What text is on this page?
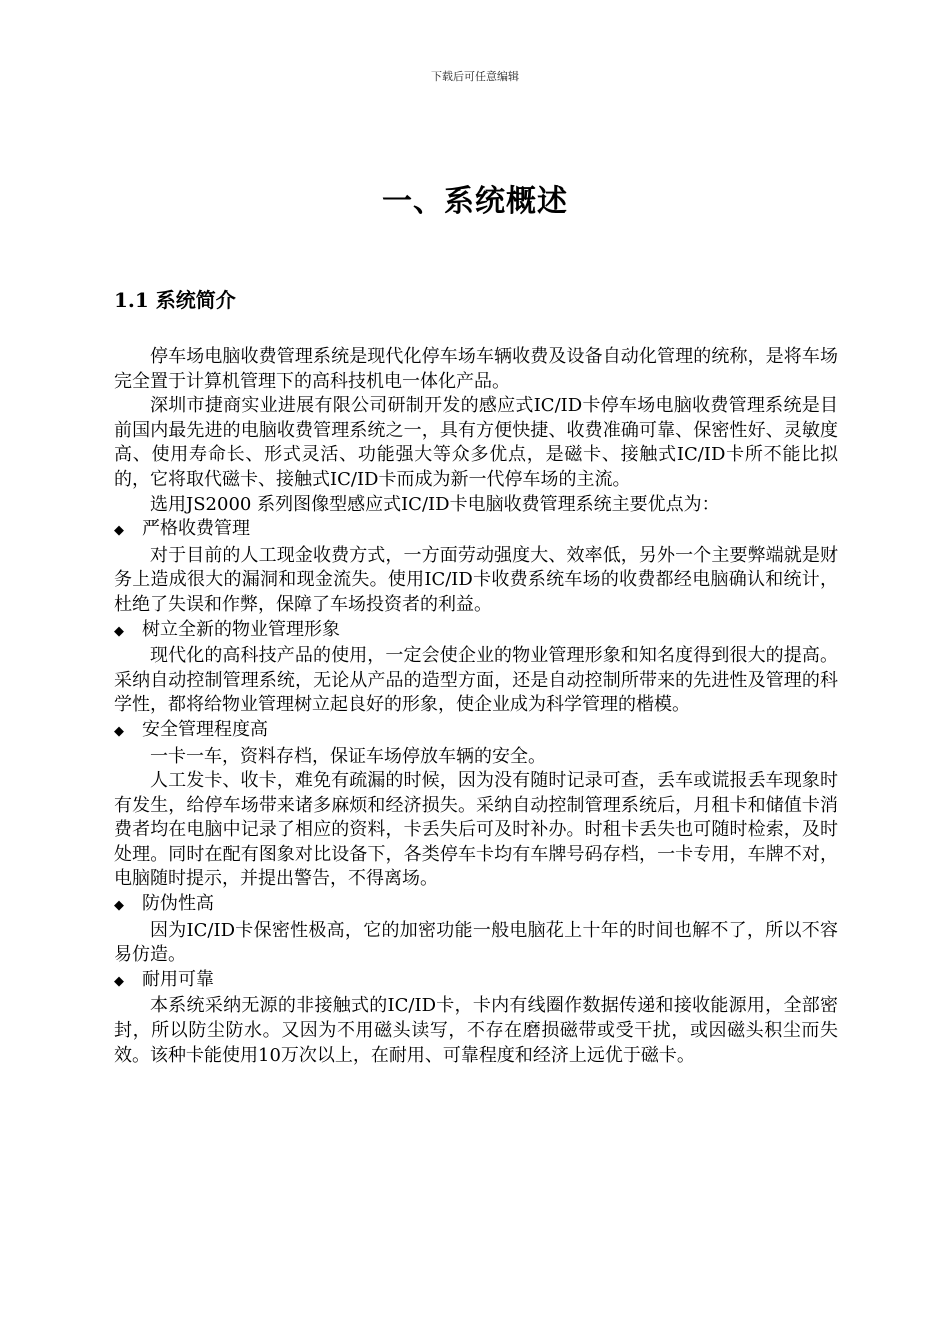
下载后可任意编辑
一、系统概述
1.1 系统简介

停车场电脑收费管理系统是现代化停车场车辆收费及设备自动化管理的统称，是将车场完全置于计算机管理下的高科技机电一体化产品。

深圳市捷商实业进展有限公司研制开发的感应式IC/ID卡停车场电脑收费管理系统是目前国内最先进的电脑收费管理系统之一，具有方便快捷、收费准确可靠、保密性好、灵敏度高、使用寿命长、形式灵活、功能强大等众多优点，是磁卡、接触式IC/ID卡所不能比拟的，它将取代磁卡、接触式IC/ID卡而成为新一代停车场的主流。

选用JS2000 系列图像型感应式IC/ID卡电脑收费管理系统主要优点为：

◆	严格收费管理

对于目前的人工现金收费方式，一方面劳动强度大、效率低，另外一个主要弊端就是财务上造成很大的漏洞和现金流失。使用IC/ID卡收费系统车场的收费都经电脑确认和统计，杜绝了失误和作弊，保障了车场投资者的利益。

◆	树立全新的物业管理形象

现代化的高科技产品的使用，一定会使企业的物业管理形象和知名度得到很大的提高。采纳自动控制管理系统，无论从产品的造型方面，还是自动控制所带来的先进性及管理的科学性，都将给物业管理树立起良好的形象，使企业成为科学管理的楷模。

◆	安全管理程度高

一卡一车，资料存档，保证车场停放车辆的安全。

人工发卡、收卡，难免有疏漏的时候，因为没有随时记录可查，丢车或谎报丢车现象时有发生，给停车场带来诸多麻烦和经济损失。采纳自动控制管理系统后，月租卡和储值卡消费者均在电脑中记录了相应的资料，卡丢失后可及时补办。时租卡丢失也可随时检索，及时处理。同时在配有图象对比设备下，各类停车卡均有车牌号码存档，一卡专用，车牌不对，电脑随时提示，并提出警告，不得离场。

◆	防伪性高

因为IC/ID卡保密性极高，它的加密功能一般电脑花上十年的时间也解不了，所以不容易仿造。

◆	耐用可靠

本系统采纳无源的非接触式的IC/ID卡，卡内有线圈作数据传递和接收能源用，全部密封，所以防尘防水。又因为不用磁头读写，不存在磨损磁带或受干扰，或因磁头积尘而失效。该种卡能使用10万次以上，在耐用、可靠程度和经济上远优于磁卡。
